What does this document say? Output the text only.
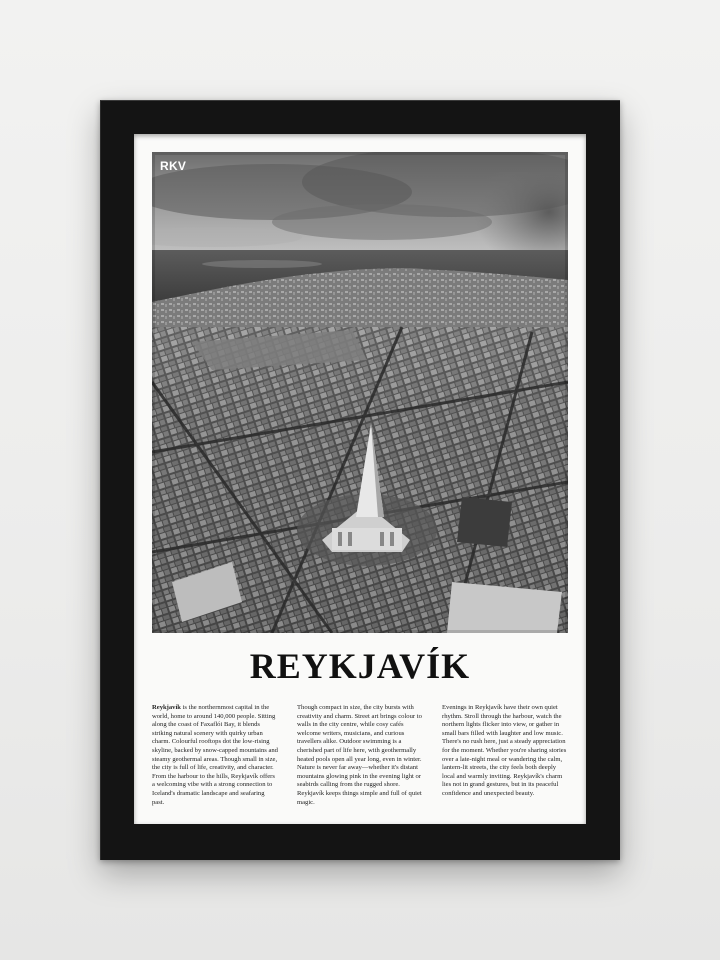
RKV
REYKJAVÍK
Reykjavík is the northernmost capital in the world, home to around 140,000 people. Sitting along the coast of Faxaflói Bay, it blends striking natural scenery with quirky urban charm. Colourful rooftops dot the low-rising skyline, backed by snow-capped mountains and steamy geothermal areas. Though small in size, the city is full of life, creativity, and character. From the harbour to the hills, Reykjavík offers a welcoming vibe with a strong connection to Iceland's dramatic landscape and seafaring past.
Though compact in size, the city bursts with creativity and charm. Street art brings colour to walls in the city centre, while cosy cafés welcome writers, musicians, and curious travellers alike. Outdoor swimming is a cherished part of life here, with geothermally heated pools open all year long, even in winter. Nature is never far away—whether it's distant mountains glowing pink in the evening light or seabirds calling from the rugged shore. Reykjavík keeps things simple and full of quiet magic.
Evenings in Reykjavík have their own quiet rhythm. Stroll through the harbour, watch the northern lights flicker into view, or gather in small bars filled with laughter and low music. There's no rush here, just a steady appreciation for the moment. Whether you're sharing stories over a late-night meal or wandering the calm, lantern-lit streets, the city feels both deeply local and warmly inviting. Reykjavík's charm lies not in grand gestures, but in its peaceful confidence and unexpected beauty.
